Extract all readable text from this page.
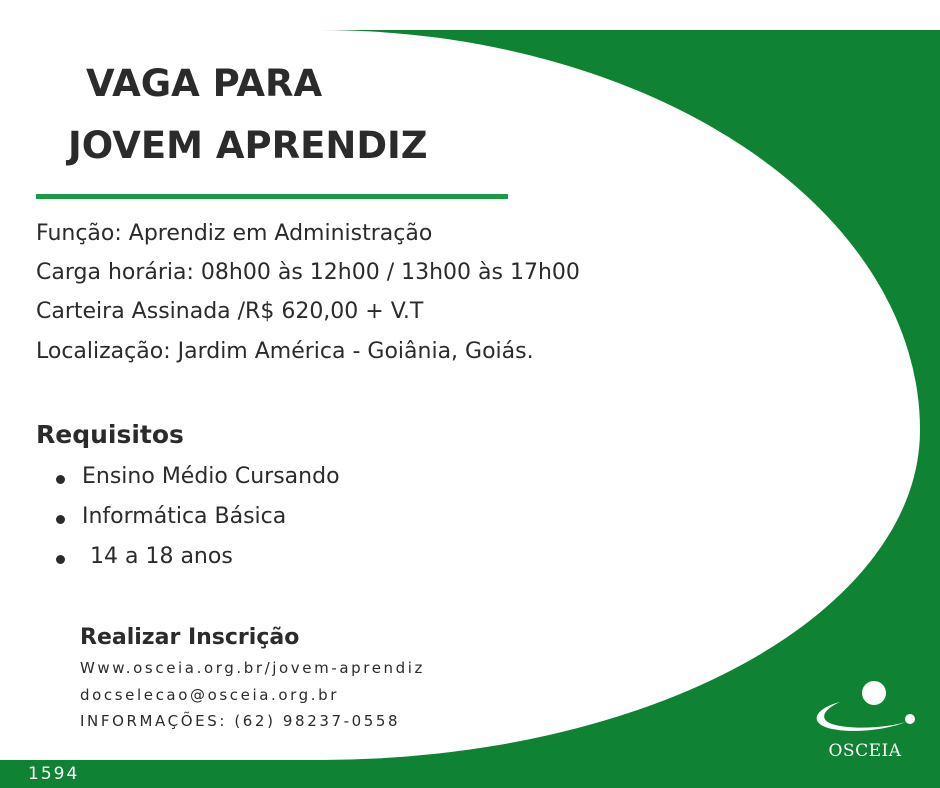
VAGA PARA
JOVEM APRENDIZ

Função: Aprendiz em Administração

Carga horária: 08h00 às 12h00 / 13h00 às 17h00

Carteira Assinada /R$ 620,00 + V.T

Localização: Jardim América - Goiânia, Goiás.

Requisitos
Ensino Médio Cursando
Informática Básica
14 a 18 anos
Realizar Inscrição

Www.osceia.org.br/jovem-aprendiz

docselecao@osceia.org.br

INFORMAÇÕES: (62) 98237-0558

1594
OSCEIA
